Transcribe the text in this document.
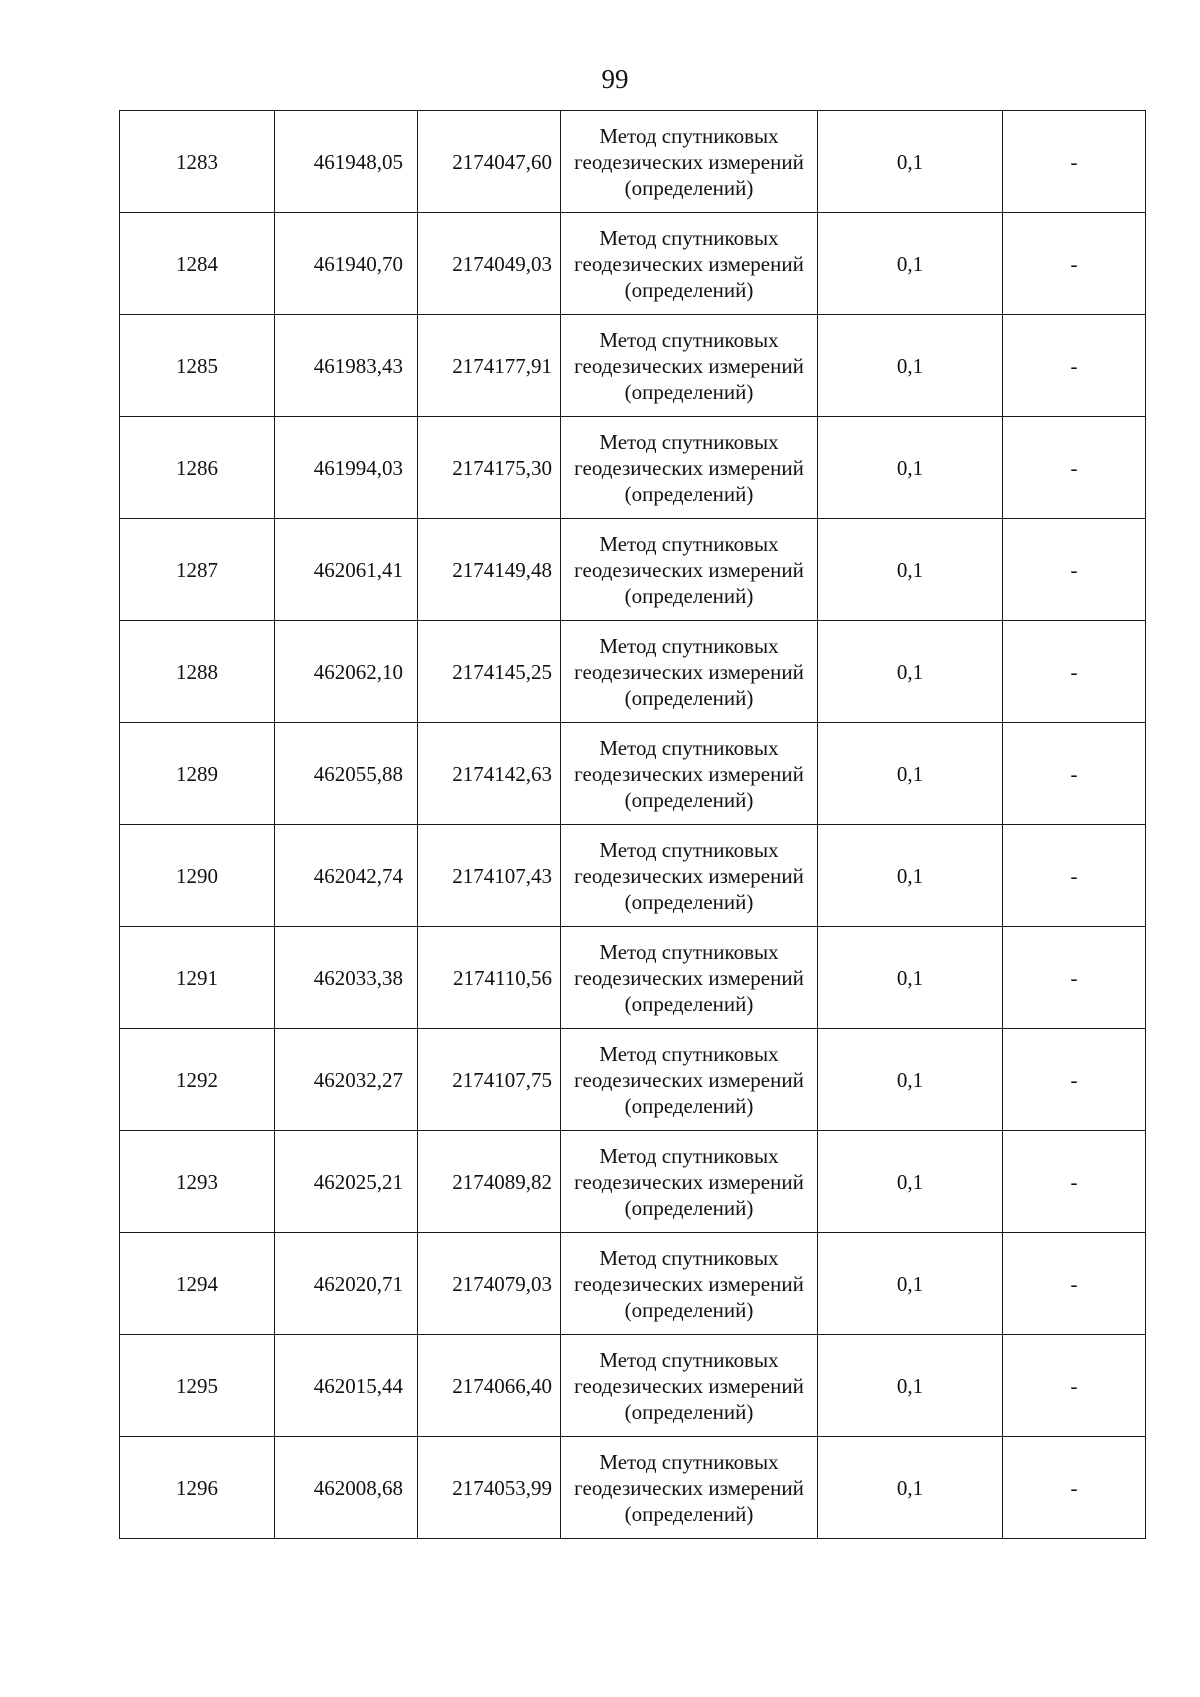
99
1283	461948,05	2174047,60	Метод спутниковых
геодезических измерений
(определений)	0,1	-
1284	461940,70	2174049,03	Метод спутниковых
геодезических измерений
(определений)	0,1	-
1285	461983,43	2174177,91	Метод спутниковых
геодезических измерений
(определений)	0,1	-
1286	461994,03	2174175,30	Метод спутниковых
геодезических измерений
(определений)	0,1	-
1287	462061,41	2174149,48	Метод спутниковых
геодезических измерений
(определений)	0,1	-
1288	462062,10	2174145,25	Метод спутниковых
геодезических измерений
(определений)	0,1	-
1289	462055,88	2174142,63	Метод спутниковых
геодезических измерений
(определений)	0,1	-
1290	462042,74	2174107,43	Метод спутниковых
геодезических измерений
(определений)	0,1	-
1291	462033,38	2174110,56	Метод спутниковых
геодезических измерений
(определений)	0,1	-
1292	462032,27	2174107,75	Метод спутниковых
геодезических измерений
(определений)	0,1	-
1293	462025,21	2174089,82	Метод спутниковых
геодезических измерений
(определений)	0,1	-
1294	462020,71	2174079,03	Метод спутниковых
геодезических измерений
(определений)	0,1	-
1295	462015,44	2174066,40	Метод спутниковых
геодезических измерений
(определений)	0,1	-
1296	462008,68	2174053,99	Метод спутниковых
геодезических измерений
(определений)	0,1	-
